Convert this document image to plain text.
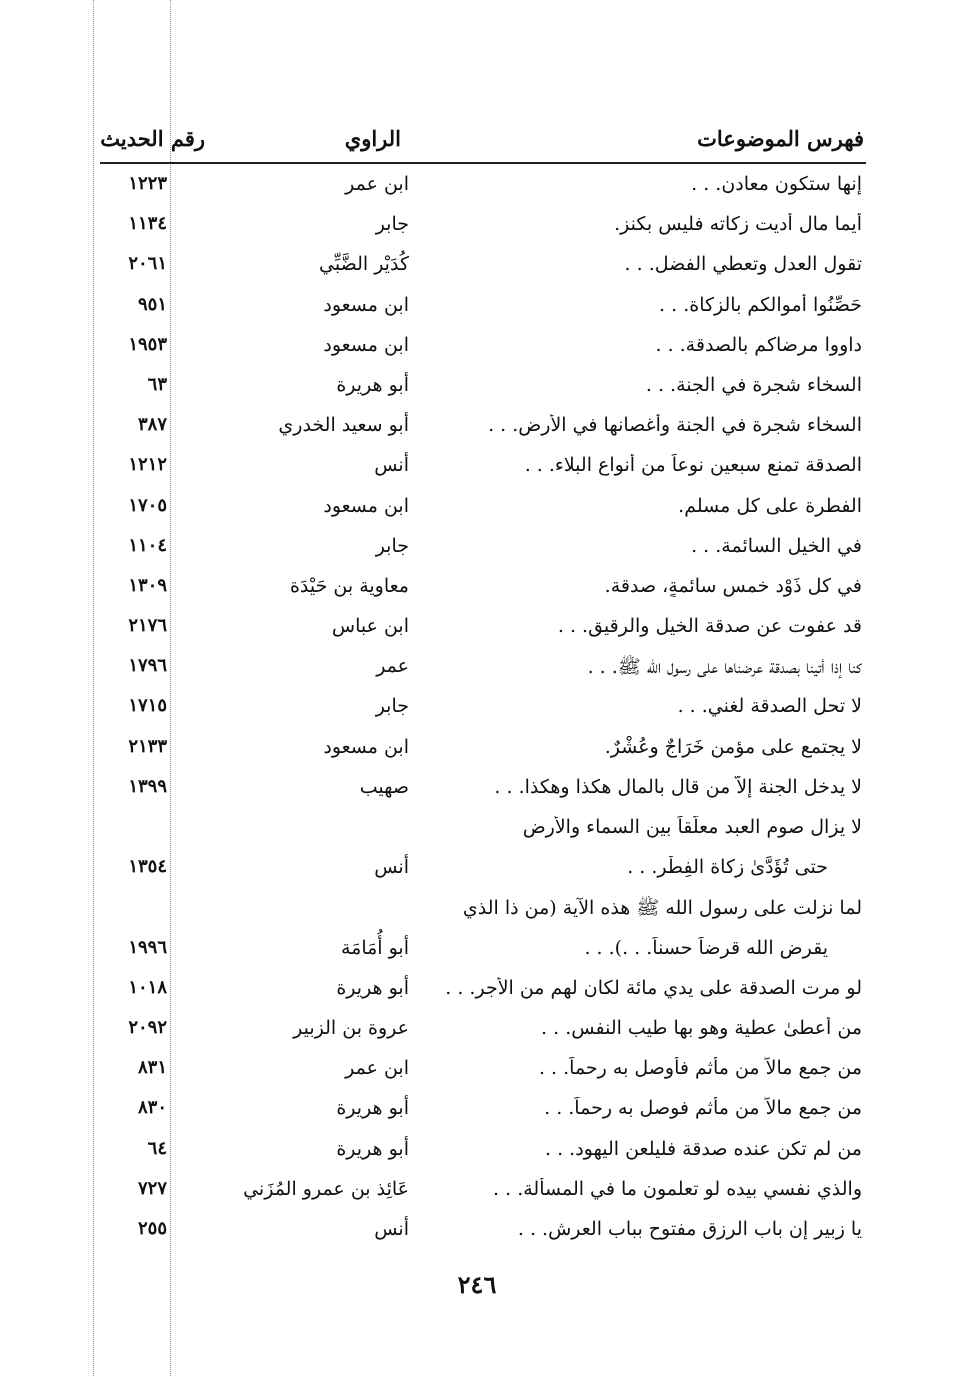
فهرس الموضوعات
الراوي
رقم الحديث
إنها ستكون معادن. . .
ابن عمر
١٢٢٣
أيما مال أديت زكاته فليس بكنز.
جابر
١١٣٤
تقول العدل وتعطي الفضل. . .
كُدَيْر الضَّبِّي
٢٠٦١
حَصِّنُوا أموالكم بالزكاة. . .
ابن مسعود
٩٥١
داووا مرضاكم بالصدقة. . .
ابن مسعود
١٩٥٣
السخاء شجرة في الجنة. . .
أبو هريرة
٦٣
السخاء شجرة في الجنة وأغصانها في الأرض. . .
أبو سعيد الخدري
٣٨٧
الصدقة تمنع سبعين نوعاً من أنواع البلاء. . .
أنس
١٢١٢
الفطرة على كل مسلم.
ابن مسعود
١٧٠٥
في الخيل السائمة. . .
جابر
١١٠٤
في كل ذَوْد خمسٍ سائمةٍ، صدقة.
معاوية بن حَيْدَة
١٣٠٩
قد عفوت عن صدقة الخيل والرقيق. . .
ابن عباس
٢١٧٦
كنا إذا أتينا بصدقة عرضناها على رسول الله ﷺ. . .
عمر
١٧٩٦
لا تحل الصدقة لغني. . .
جابر
١٧١٥
لا يجتمع على مؤمن خَرَاجٌ وعُشْرٌ.
ابن مسعود
٢١٣٣
لا يدخل الجنة إلاّ من قال بالمال هكذا وهكذا. . .
صهيب
١٣٩٩
لا يزال صوم العبد معلّقاً بين السماء والأرض
حتى تُؤَدَّىٰ زكاة الفِطْرِ. . .
أنس
١٣٥٤
لما نزلت على رسول الله ﷺ هذه الآية (من ذا الذي
يقرض الله قرضاً حسناً. . .). . .
أبو أُمَامَة
١٩٩٦
لو مرت الصدقة على يدي مائة لكان لهم من الأجر. . .
أبو هريرة
١٠١٨
من أعطىٰ عطية وهو بها طيب النفس. . .
عروة بن الزبير
٢٠٩٢
من جمع مالاً من مأثم فأوصل به رحماً. . .
ابن عمر
٨٣١
من جمع مالاً من مأثم فوصل به رحماً. . .
أبو هريرة
٨٣٠
من لم تكن عنده صدقة فليلعن اليهود. . .
أبو هريرة
٦٤
والذي نفسي بيده لو تعلمون ما في المسألة. . .
عَائِذ بن عمرو المُزَني
٧٢٧
يا زبير إن باب الرزق مفتوح بباب العرش. . .
أنس
٢٥٥
٢٤٦
